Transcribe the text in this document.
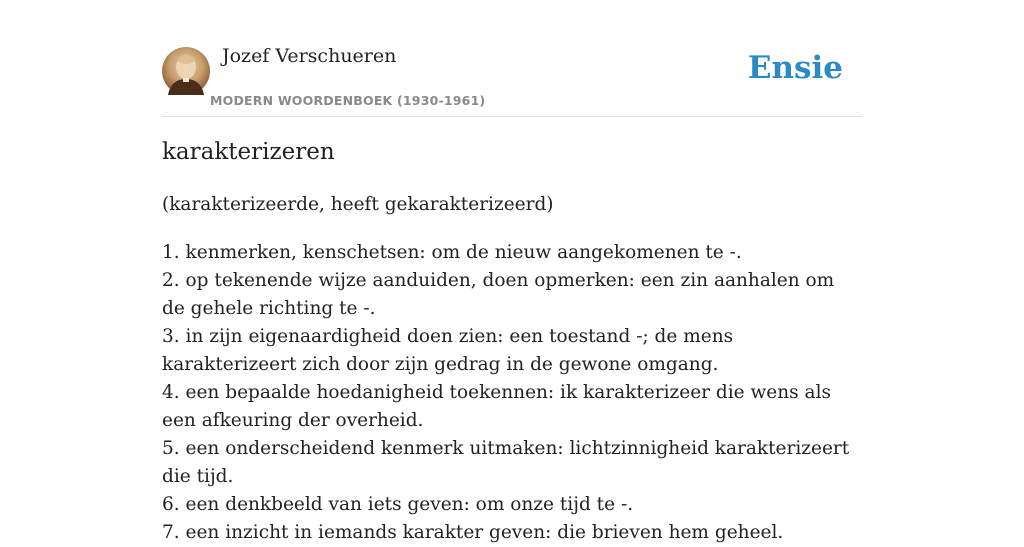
Jozef Verschueren
MODERN WOORDENBOEK (1930-1961)
Ensie
karakterizeren
(karakterizeerde, heeft gekarakterizeerd)
1. kenmerken, kenschetsen: om de nieuw aangekomenen te -.
2. op tekenende wijze aanduiden, doen opmerken: een zin aanhalen om de gehele richting te -.
3. in zijn eigenaardigheid doen zien: een toestand -; de mens karakterizeert zich door zijn gedrag in de gewone omgang.
4. een bepaalde hoedanigheid toekennen: ik karakterizeer die wens als een afkeuring der overheid.
5. een onderscheidend kenmerk uitmaken: lichtzinnigheid karakterizeert die tijd.
6. een denkbeeld van iets geven: om onze tijd te -.
7. een inzicht in iemands karakter geven: die brieven hem geheel.
